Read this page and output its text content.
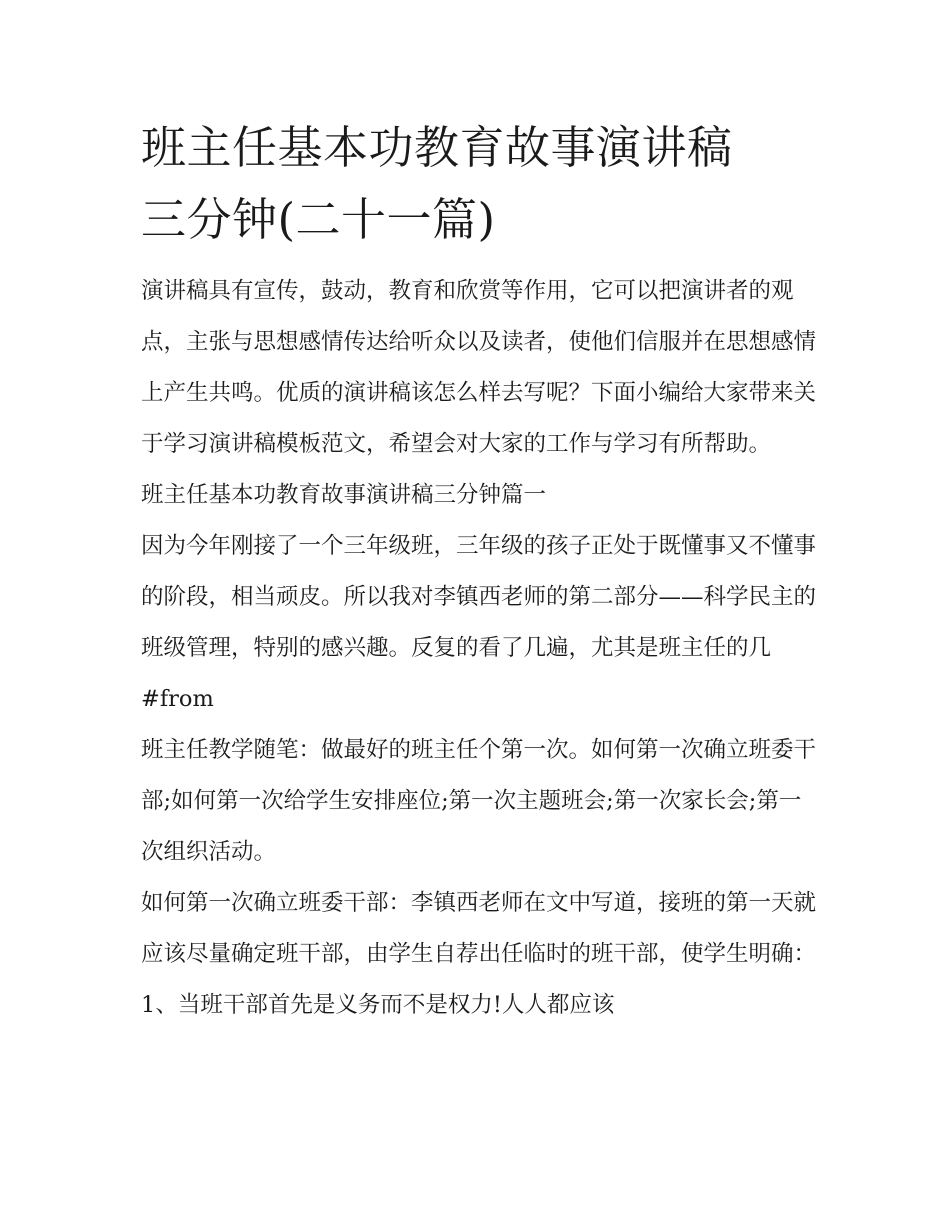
班主任基本功教育故事演讲稿
三分钟(二十一篇)

演讲稿具有宣传，鼓动，教育和欣赏等作用，它可以把演讲者的观点，主张与思想感情传达给听众以及读者，使他们信服并在思想感情上产生共鸣。优质的演讲稿该怎么样去写呢？下面小编给大家带来关于学习演讲稿模板范文，希望会对大家的工作与学习有所帮助。

班主任基本功教育故事演讲稿三分钟篇一

因为今年刚接了一个三年级班，三年级的孩子正处于既懂事又不懂事的阶段，相当顽皮。所以我对李镇西老师的第二部分——科学民主的班级管理，特别的感兴趣。反复的看了几遍，尤其是班主任的几#from

班主任教学随笔：做最好的班主任个第一次。如何第一次确立班委干部;如何第一次给学生安排座位;第一次主题班会;第一次家长会;第一次组织活动。

如何第一次确立班委干部：李镇西老师在文中写道，接班的第一天就应该尽量确定班干部，由学生自荐出任临时的班干部，使学生明确：1、当班干部首先是义务而不是权力!人人都应该
